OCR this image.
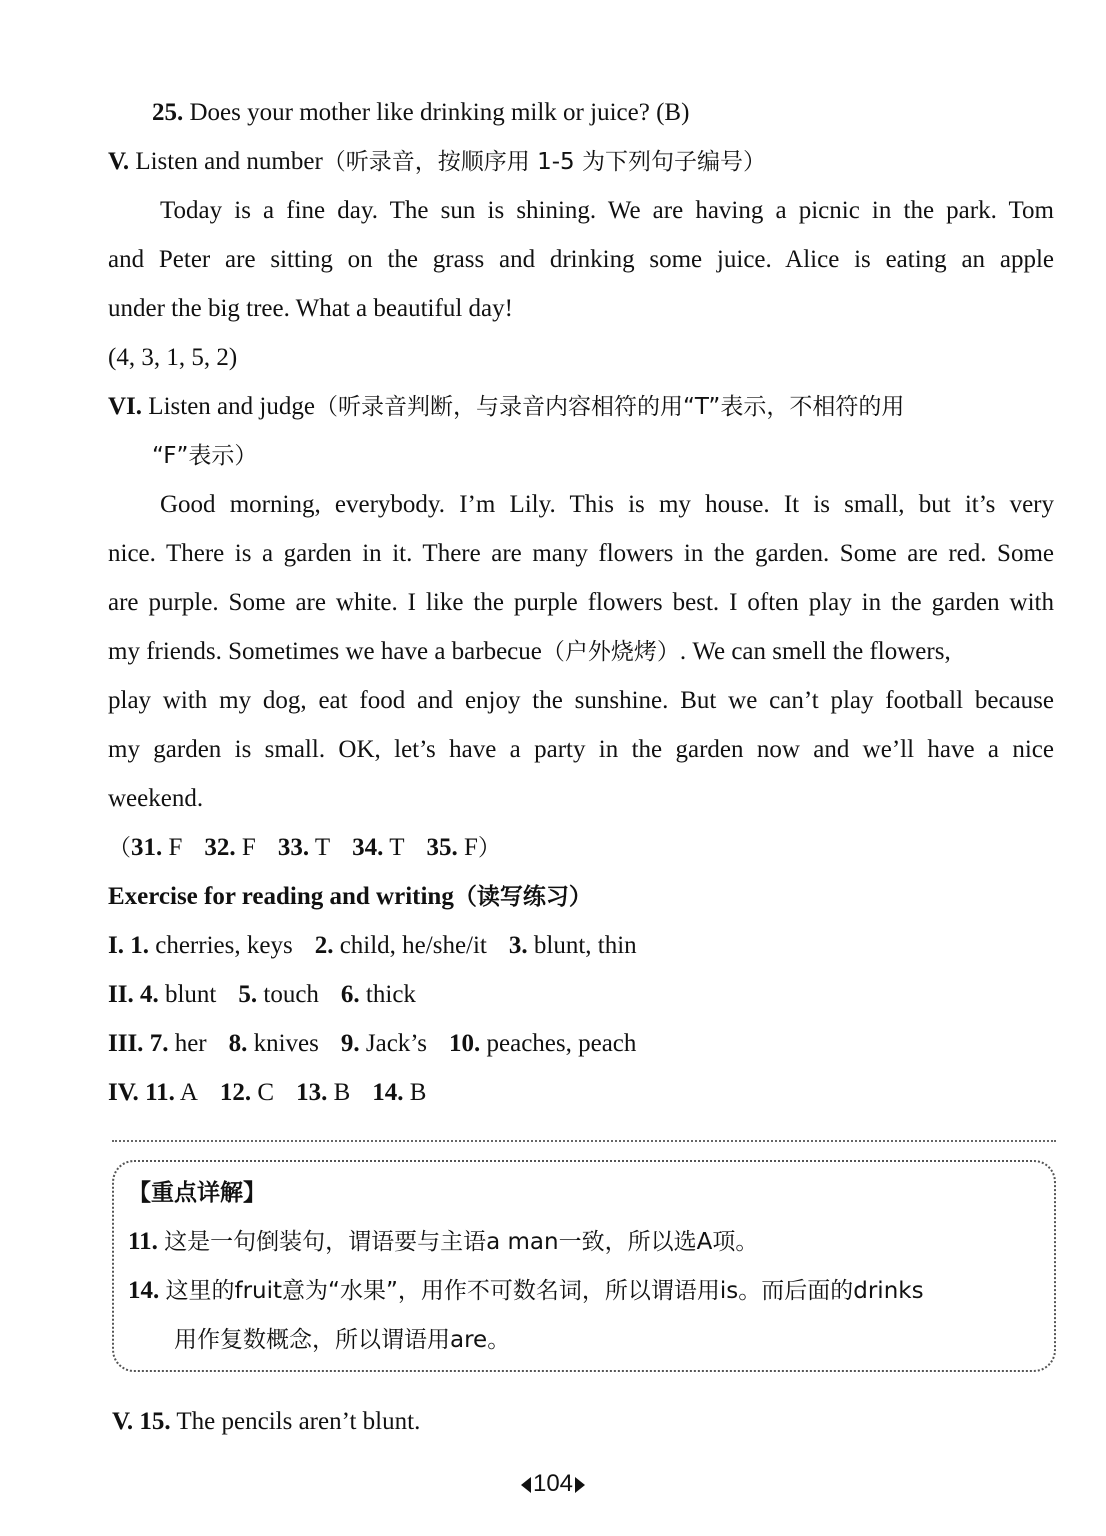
25. Does your mother like drinking milk or juice? (B)
V. Listen and number（听录音，按顺序用 1-5 为下列句子编号）
Today is a fine day. The sun is shining. We are having a picnic in the park. Tom
and Peter are sitting on the grass and drinking some juice. Alice is eating an apple
under the big tree. What a beautiful day!
(4, 3, 1, 5, 2)
VI. Listen and judge（听录音判断，与录音内容相符的用“T”表示，不相符的用
“F”表示）
Good morning, everybody. I’m Lily. This is my house. It is small, but it’s very
nice. There is a garden in it. There are many flowers in the garden. Some are red. Some
are purple. Some are white. I like the purple flowers best. I often play in the garden with
my friends. Sometimes we have a barbecue（户外烧烤）. We can smell the flowers,
play with my dog, eat food and enjoy the sunshine. But we can’t play football because
my garden is small. OK, let’s have a party in the garden now and we’ll have a nice
weekend.
（31. F 32. F 33. T 34. T 35. F）
Exercise for reading and writing（读写练习）
I. 1. cherries, keys 2. child, he/she/it 3. blunt, thin
II. 4. blunt 5. touch 6. thick
III. 7. her 8. knives 9. Jack’s 10. peaches, peach
IV. 11. A 12. C 13. B 14. B
【重点详解】
11. 这是一句倒装句，谓语要与主语a man一致，所以选A项。
14. 这里的fruit意为“水果”，用作不可数名词，所以谓语用is。而后面的drinks
用作复数概念，所以谓语用are。
V. 15. The pencils aren’t blunt.
104
